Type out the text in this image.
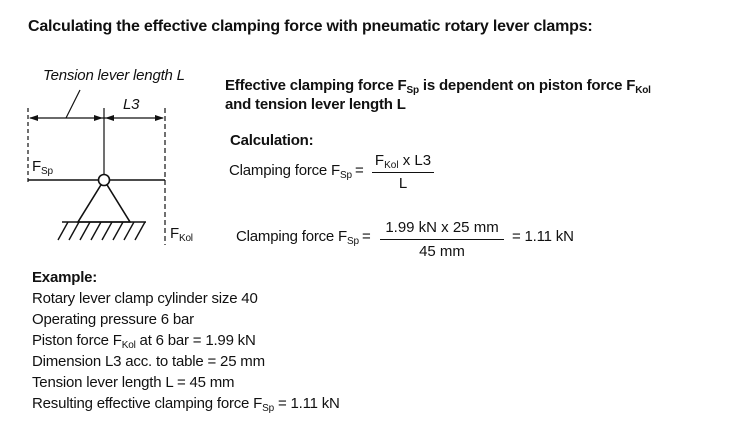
Calculating the effective clamping force with pneumatic rotary lever clamps:
Tension lever length L
L3
$F_{Sp}$
$F_{Kol}$
Effective clamping force $F_{Sp}$ is dependent on piston force $F_{Kol}$
and tension lever length L
Calculation:
Clamping force $F_{Sp}$ =
$F_{Kol}$ x L3
L
Clamping force $F_{Sp}$ =
1.99 kN x 25 mm
45 mm
= 1.11 kN
Example:
Rotary lever clamp cylinder size 40
Operating pressure 6 bar
Piston force $F_{Kol}$ at 6 bar = 1.99 kN
Dimension L3 acc. to table = 25 mm
Tension lever length L = 45 mm
Resulting effective clamping force $F_{Sp} = 1.11$ kN
